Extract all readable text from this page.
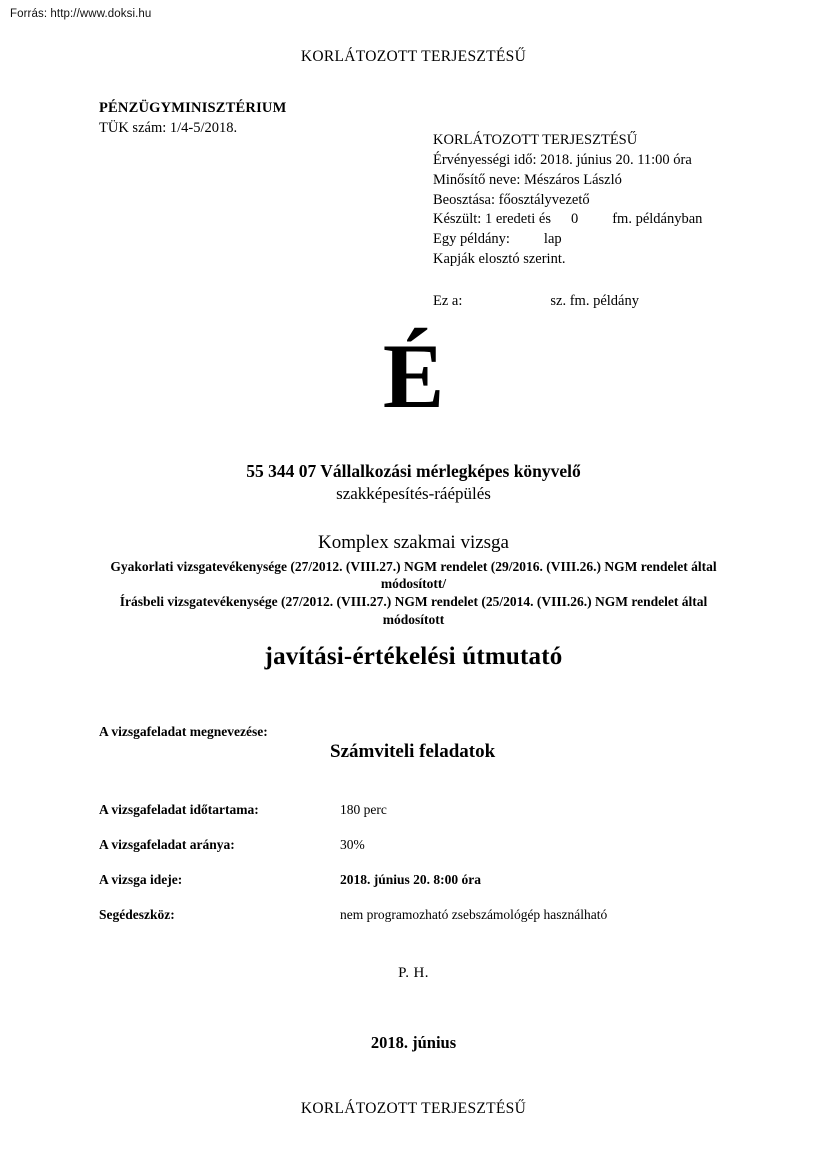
Forrás: http://www.doksi.hu
KORLÁTOZOTT TERJESZTÉSŰ
PÉNZÜGYMINISZTÉRIUM
TÜK szám: 1/4-5/2018.
KORLÁTOZOTT TERJESZTÉSŰ
Érvényességi idő: 2018. június 20. 11:00 óra
Minősítő neve: Mészáros László
Beosztása: főosztályvezető
Készült: 1 eredeti és 0 fm. példányban
Egy példány: lap
Kapják elosztó szerint.
Ez a:	sz. fm. példány
É
55 344 07 Vállalkozási mérlegképes könyvelő
szakképesítés-ráépülés
Komplex szakmai vizsga
Gyakorlati vizsgatevékenysége (27/2012. (VIII.27.) NGM rendelet (29/2016. (VIII.26.) NGM rendelet által módosított/
Írásbeli vizsgatevékenysége (27/2012. (VIII.27.) NGM rendelet (25/2014. (VIII.26.) NGM rendelet által módosított
javítási-értékelési útmutató
A vizsgafeladat megnevezése:
Számviteli feladatok
A vizsgafeladat időtartama:	180 perc
A vizsgafeladat aránya:	30%
A vizsga ideje:	2018. június 20. 8:00 óra
Segédeszköz:	nem programozható zsebszámológép használható
P. H.
2018. június
KORLÁTOZOTT TERJESZTÉSŰ
